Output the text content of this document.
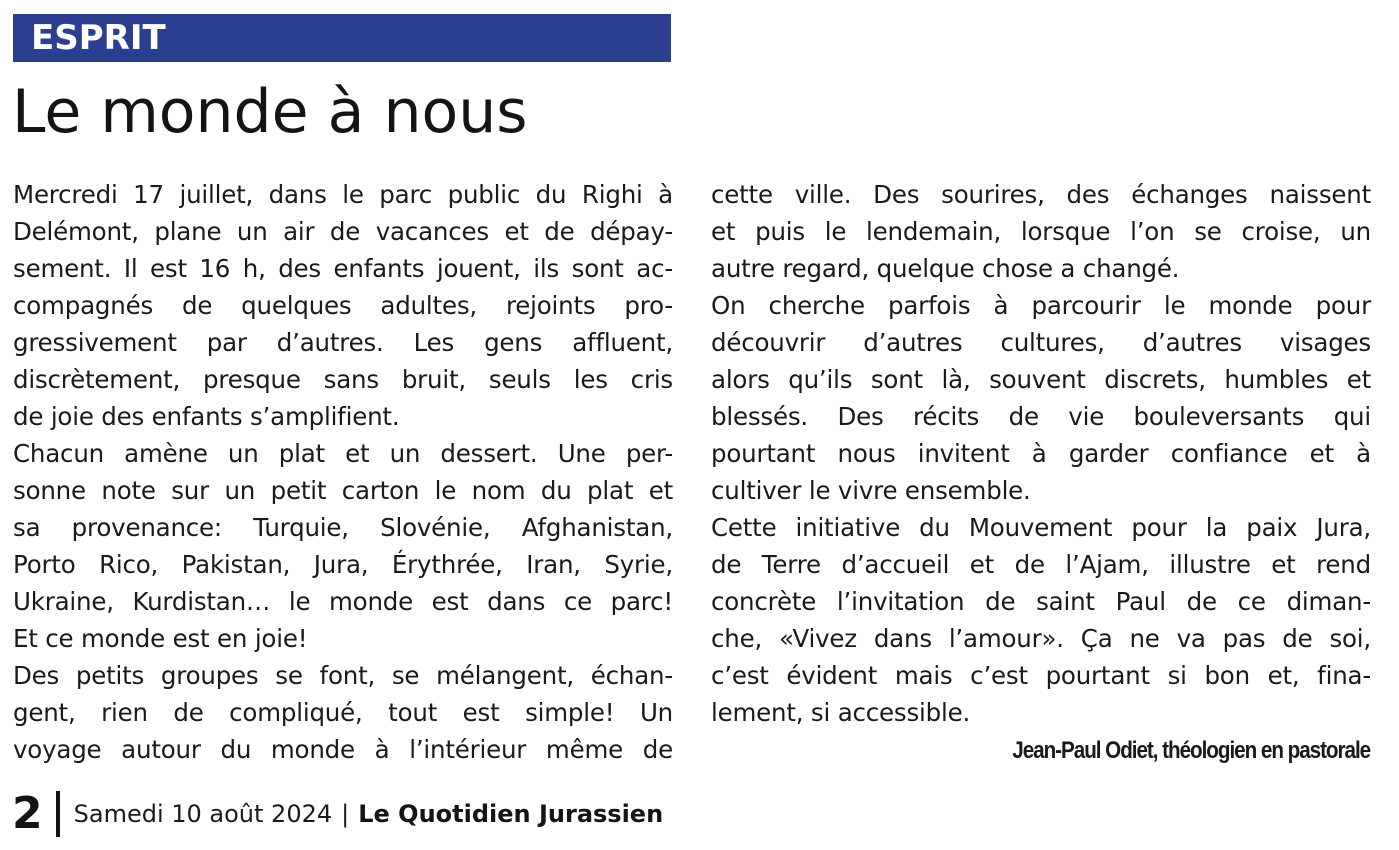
ESPRIT
Le monde à nous
Mercredi 17 juillet, dans le parc public du Righi à
Delémont, plane un air de vacances et de dépay-
sement. Il est 16 h, des enfants jouent, ils sont ac-
compagnés de quelques adultes, rejoints pro-
gressivement par d’autres. Les gens affluent,
discrètement, presque sans bruit, seuls les cris
de joie des enfants s’amplifient.
Chacun amène un plat et un dessert. Une per-
sonne note sur un petit carton le nom du plat et
sa provenance: Turquie, Slovénie, Afghanistan,
Porto Rico, Pakistan, Jura, Érythrée, Iran, Syrie,
Ukraine, Kurdistan… le monde est dans ce parc!
Et ce monde est en joie!
Des petits groupes se font, se mélangent, échan-
gent, rien de compliqué, tout est simple! Un
voyage autour du monde à l’intérieur même de
cette ville. Des sourires, des échanges naissent
et puis le lendemain, lorsque l’on se croise, un
autre regard, quelque chose a changé.
On cherche parfois à parcourir le monde pour
découvrir d’autres cultures, d’autres visages
alors qu’ils sont là, souvent discrets, humbles et
blessés. Des récits de vie bouleversants qui
pourtant nous invitent à garder confiance et à
cultiver le vivre ensemble.
Cette initiative du Mouvement pour la paix Jura,
de Terre d’accueil et de l’Ajam, illustre et rend
concrète l’invitation de saint Paul de ce diman-
che, «Vivez dans l’amour». Ça ne va pas de soi,
c’est évident mais c’est pourtant si bon et, fina-
lement, si accessible.
Jean-Paul Odiet, théologien en pastorale
2 Samedi 10 août 2024 | Le Quotidien Jurassien
